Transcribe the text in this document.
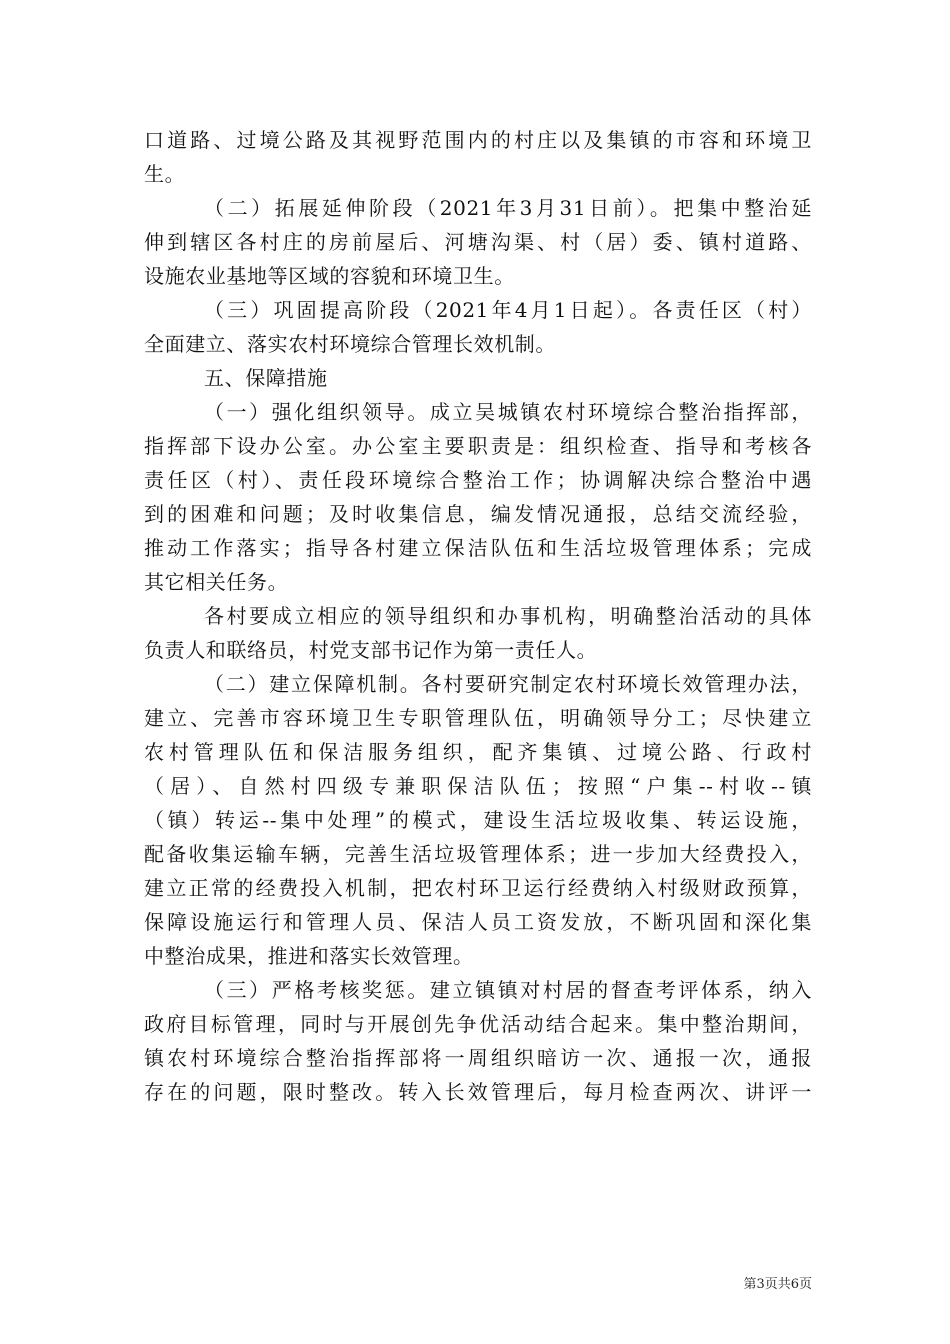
口道路、过境公路及其视野范围内的村庄以及集镇的市容和环境卫
生。
（二）拓展延伸阶段（2021年3月31日前）。把集中整治延
伸到辖区各村庄的房前屋后、河塘沟渠、村（居）委、镇村道路、
设施农业基地等区域的容貌和环境卫生。
（三）巩固提高阶段（2021年4月1日起）。各责任区（村）
全面建立、落实农村环境综合管理长效机制。
五、保障措施
（一）强化组织领导。成立吴城镇农村环境综合整治指挥部，
指挥部下设办公室。办公室主要职责是：组织检查、指导和考核各
责任区（村）、责任段环境综合整治工作；协调解决综合整治中遇
到的困难和问题；及时收集信息，编发情况通报，总结交流经验，
推动工作落实；指导各村建立保洁队伍和生活垃圾管理体系；完成
其它相关任务。
各村要成立相应的领导组织和办事机构，明确整治活动的具体
负责人和联络员，村党支部书记作为第一责任人。
（二）建立保障机制。各村要研究制定农村环境长效管理办法，
建立、完善市容环境卫生专职管理队伍，明确领导分工；尽快建立
农村管理队伍和保洁服务组织，配齐集镇、过境公路、行政村
（居）、自然村四级专兼职保洁队伍；按照“户集--村收--镇
（镇）转运--集中处理”的模式，建设生活垃圾收集、转运设施，
配备收集运输车辆，完善生活垃圾管理体系；进一步加大经费投入，
建立正常的经费投入机制，把农村环卫运行经费纳入村级财政预算，
保障设施运行和管理人员、保洁人员工资发放，不断巩固和深化集
中整治成果，推进和落实长效管理。
（三）严格考核奖惩。建立镇镇对村居的督查考评体系，纳入
政府目标管理，同时与开展创先争优活动结合起来。集中整治期间，
镇农村环境综合整治指挥部将一周组织暗访一次、通报一次，通报
存在的问题，限时整改。转入长效管理后，每月检查两次、讲评一
第3页共6页
